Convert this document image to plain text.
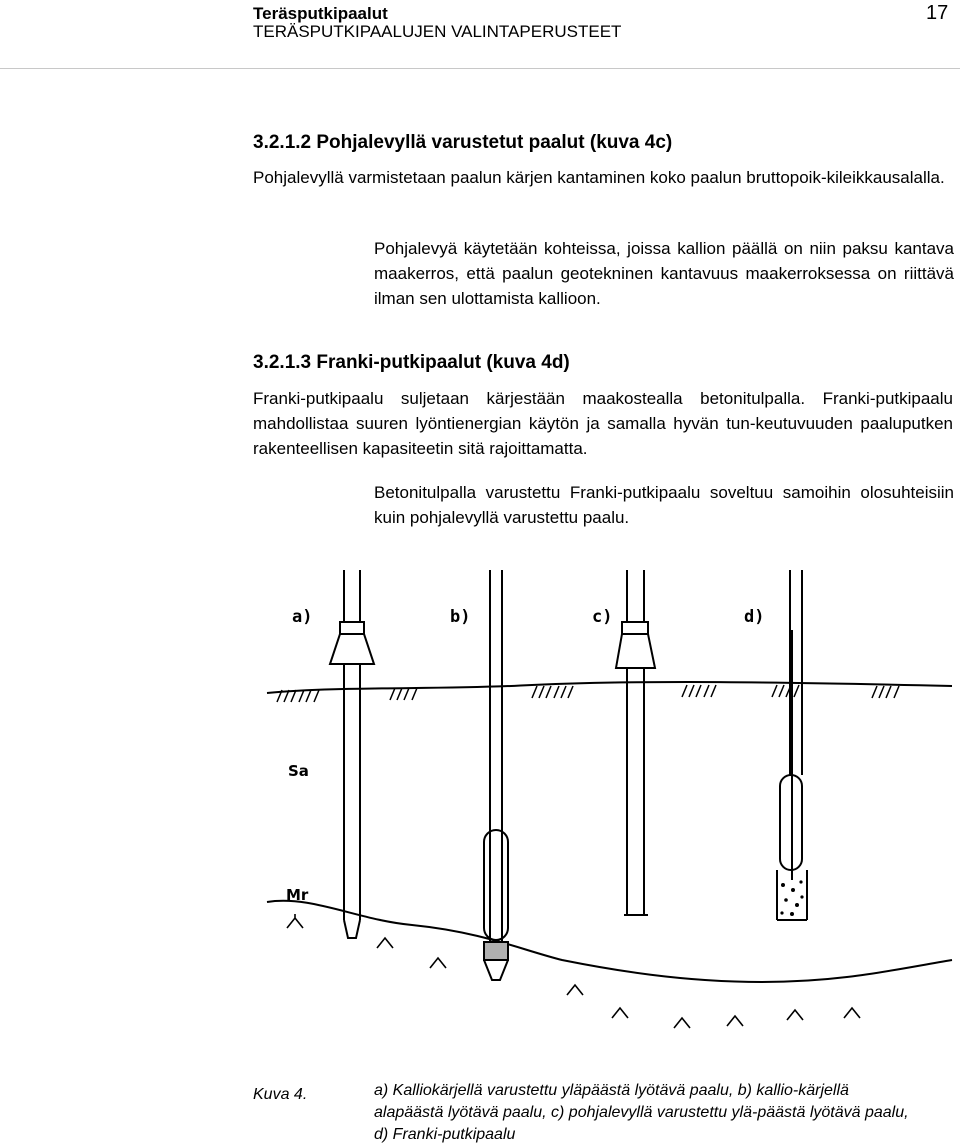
Teräsputkipaalut
TERÄSPUTKIPAALUJEN VALINTAPERUSTEET
17
3.2.1.2 Pohjalevyllä varustetut paalut (kuva 4c)
Pohjalevyllä varmistetaan paalun kärjen kantaminen koko paalun bruttopoik-kileikkausalalla.
Pohjalevyä käytetään kohteissa, joissa kallion päällä on niin paksu kantava maakerros, että paalun geotekninen kantavuus maakerroksessa on riittävä ilman sen ulottamista kallioon.
3.2.1.3 Franki-putkipaalut (kuva 4d)
Franki-putkipaalu suljetaan kärjestään maakostealla betonitulpalla. Franki-putkipaalu mahdollistaa suuren lyöntienergian käytön ja samalla hyvän tun-keutuvuuden paaluputken rakenteellisen kapasiteetin sitä rajoittamatta.
Betonitulpalla varustettu Franki-putkipaalu soveltuu samoihin olosuhteisiin kuin pohjalevyllä varustettu paalu.
a)	b)	c)	d)
Sa
Mr
Kuva 4.	a) Kalliokärjellä varustettu yläpäästä lyötävä paalu, b) kallio-kärjellä alapäästä lyötävä paalu, c) pohjalevyllä varustettu ylä-päästä lyötävä paalu, d) Franki-putkipaalu
